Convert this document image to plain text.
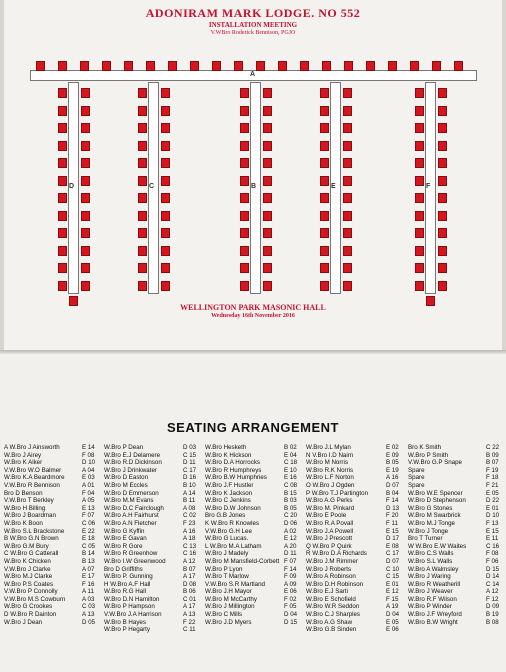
ADONIRAM MARK LODGE. NO 552
INSTALLATION MEETING
V.WBro Roderick Bennison, PGJO
A
D	C	B	E	F
WELLINGTON PARK MASONIC HALL
Wednesday 16th November 2016
SEATING ARRANGEMENT
A W.Bro J Ainsworth	E 14
W.Bro J Airey	F 08
W.Bro K Alker	D 10
V.W.Bro W.O Balmer	A 04
W.Bro K.A Beardmore	E 03
V.W.Bro R Bennison	A 01
Bro D Benson	F 04
V.W.Bro T Berkley	A 05
W.Bro H Billing	E 13
W.Bro J Boardman	F 07
W.Bro K Boon	C 06
W.Bro S.L Brackstone	E 22
B W.Bro G.N Brown	E 18
W.Bro G.M Bury	C 05
C W.Bro G Catterall	B 14
W.Bro K Chicken	B 13
V.W.Bro J Clarke	A 07
W.Bro M.J Clarke	E 17
W.Bro P.S Coates	F 16
V.W.Bro P Connolly	A 11
V.W.Bro M.S Cowburn	A 03
W.Bro G Crookes	C 03
D W.Bro R Dainton	A 13
W.Bro J Dean	D 05
W.Bro P Dean	D 03
W.Bro E.J Delamere	C 15
W.Bro R.D Dickinson	D 11
W.Bro J Drinkwater	C 17
W.Bro D Easton	D 16
W.Bro M Eccles	B 10
W.Bro D Emmerson	A 14
W.Bro M.M Evans	B 11
W.Bro D.C Fairclough	A 08
W.Bro A.H Fairhurst	C 02
W.Bro A.N Fletcher	F 23
W.Bro G Kyffin	A 16
W.Bro E Gavan	A 18
W.Bro R Gore	C 13
W.Bro R Greenhow	C 16
W.Bro I.W Greenwood	A 12
Bro D Griffiths	B 07
W.Bro P. Gunning	A 17
H W.Bro A.F Hall	D 08
W.Bro R.G Hall	B 06
W.Bro D.N Hamilton	C 01
W.Bro P Hampson	A 17
V.W.Bro J.A Harrison	A 13
W.Bro B Hayes	F 22
W.Bro P Hegarty	C 11
W.Bro Hesketh	B 02
W.Bro K Hickson	E 04
W.Bro D.A Horrocks	C 18
W.Bro R Humphreys	E 10
W.Bro B.W Humphries	E 16
W.Bro J.F Hustler	C 08
W.Bro K Jackson	B 15
W.Bro C Jenkins	B 03
W.Bro D.W Johnson	B 05
Bro G.B Jones	C 20
K W.Bro R Knowles	D 06
V.W.Bro G.H Lee	A 02
W.Bro G Lucas.	E 12
L W.Bro M.A Latham	A 20
W.Bro J Madely	D 11
W.Bro M Mansfield-Corbett F 07
W.Bro P Lyon	F 14
W.Bro T Marlow	F 09
V.W.Bro S.R Martland	A 09
W.Bro J.H Mayor	E 06
W.Bro M McCarthy	F 02
W.Bro J Millington	F 05
W.Bro C Mills	D 04
W.Bro J.D Myers	D 15
W.Bro J.L Mylan	E 02
N V.Bro I.D Nairn	E 09
W.Bro M Norris	B 05
W.Bro R.K Norris	E 19
W.Bro L.F Norton	A 16
O W.Bro J Ogden	D 07
P W.Bro T.J Partington	B 04
W.Bro A.G Perks	F 14
W.Bro M. Pinkard	D 13
W.Bro E Poole	F 20
W.Bro R.A Povall	F 11
W.Bro J.A Powell	E 15
W.Bro J Prescott	D 17
Q W.Bro P Quirk	E 08
R W.Bro D.A Richards	C 17
W.Bro J.M Rimmer	D 07
W.Bro J Roberts	C 10
W.Bro A Robinson	C 15
W.Bro D.H Robinson	E 01
W.Bro E.J Sarti	E 12
W.Bro E Schofield	F 15
W.Bro W.R Seddon	A 19
W.Bro C.J Sharples	D 04
W.Bro A.G Shaw	E 05
W.Bro G.B Sinden	E 06
Bro K Smith	C 22
W.Bro P Smith	B 09
V.W.Bro G.P Snape	B 07
Spare	F 19
Spare	F 18
Spare	F 21
W.Bro W.E Spencer	E 05
W.Bro D Stephenson	D 22
W.Bro G Stones	E 01
W.Bro M Swarbrick	D 10
W.Bro M.J Tonge	F 13
W.Bro J Tonge	E 15
Bro T Turner	E 11
W W.Bro E.W Waites	C 16
W.Bro C.S Walls	F 08
W.Bro S.L Walls	F 06
W.Bro A Walmsley	D 15
W.Bro J Waring	D 14
W.Bro R Weatherill	C 14
W.Bro J Weaver	A 12
W.Bro R.F Wilson	F 12
W.Bro P Winder	D 09
W.Bro J.F Wreyford	B 19
W.Bro B.W Wright	B 08
